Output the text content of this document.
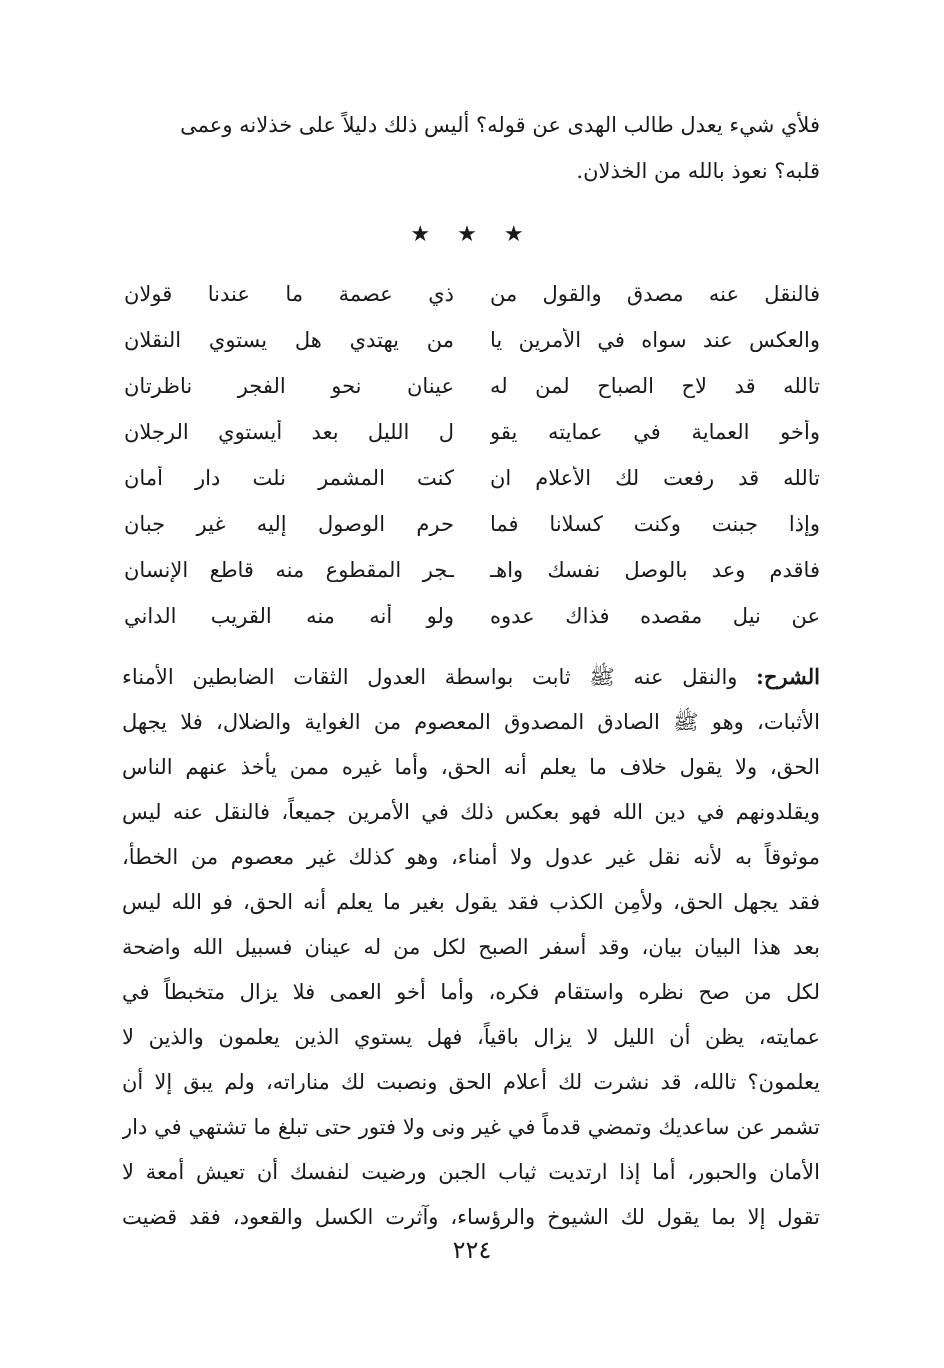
فلأي شيء يعدل طالب الهدى عن قوله؟ أليس ذلك دليلاً على خذلانه وعمى
قلبه؟ نعوذ بالله من الخذلان.
★ ★ ★
فالنقل عنه مصدق والقول من
ذي عصمة ما عندنا قولان
والعكس عند سواه في الأمرين يا
من يهتدي هل يستوي النقلان
تالله قد لاح الصباح لمن له
عينان نحو الفجر ناظرتان
وأخو العماية في عمايته يقو
ل الليل بعد أيستوي الرجلان
تالله قد رفعت لك الأعلام ان
كنت المشمر نلت دار أمان
وإذا جبنت وكنت كسلانا فما
حرم الوصول إليه غير جبان
فاقدم وعد بالوصل نفسك واهـ
ـجر المقطوع منه قاطع الإنسان
عن نيل مقصده فذاك عدوه
ولو أنه منه القريب الداني
الشرح: والنقل عنه ﷺ ثابت بواسطة العدول الثقات الضابطين الأمناء
الأثبات، وهو ﷺ الصادق المصدوق المعصوم من الغواية والضلال، فلا يجهل
الحق، ولا يقول خلاف ما يعلم أنه الحق، وأما غيره ممن يأخذ عنهم الناس
ويقلدونهم في دين الله فهو بعكس ذلك في الأمرين جميعاً، فالنقل عنه ليس
موثوقاً به لأنه نقل غير عدول ولا أمناء، وهو كذلك غير معصوم من الخطأ،
فقد يجهل الحق، ولأمِن الكذب فقد يقول بغير ما يعلم أنه الحق، فو الله ليس
بعد هذا البيان بيان، وقد أسفر الصبح لكل من له عينان فسبيل الله واضحة
لكل من صح نظره واستقام فكره، وأما أخو العمى فلا يزال متخبطاً في
عمايته، يظن أن الليل لا يزال باقياً، فهل يستوي الذين يعلمون والذين لا
يعلمون؟ تالله، قد نشرت لك أعلام الحق ونصبت لك مناراته، ولم يبق إلا أن
تشمر عن ساعديك وتمضي قدماً في غير ونى ولا فتور حتى تبلغ ما تشتهي في دار
الأمان والحبور، أما إذا ارتديت ثياب الجبن ورضيت لنفسك أن تعيش أمعة لا
تقول إلا بما يقول لك الشيوخ والرؤساء، وآثرت الكسل والقعود، فقد قضيت
٢٢٤
